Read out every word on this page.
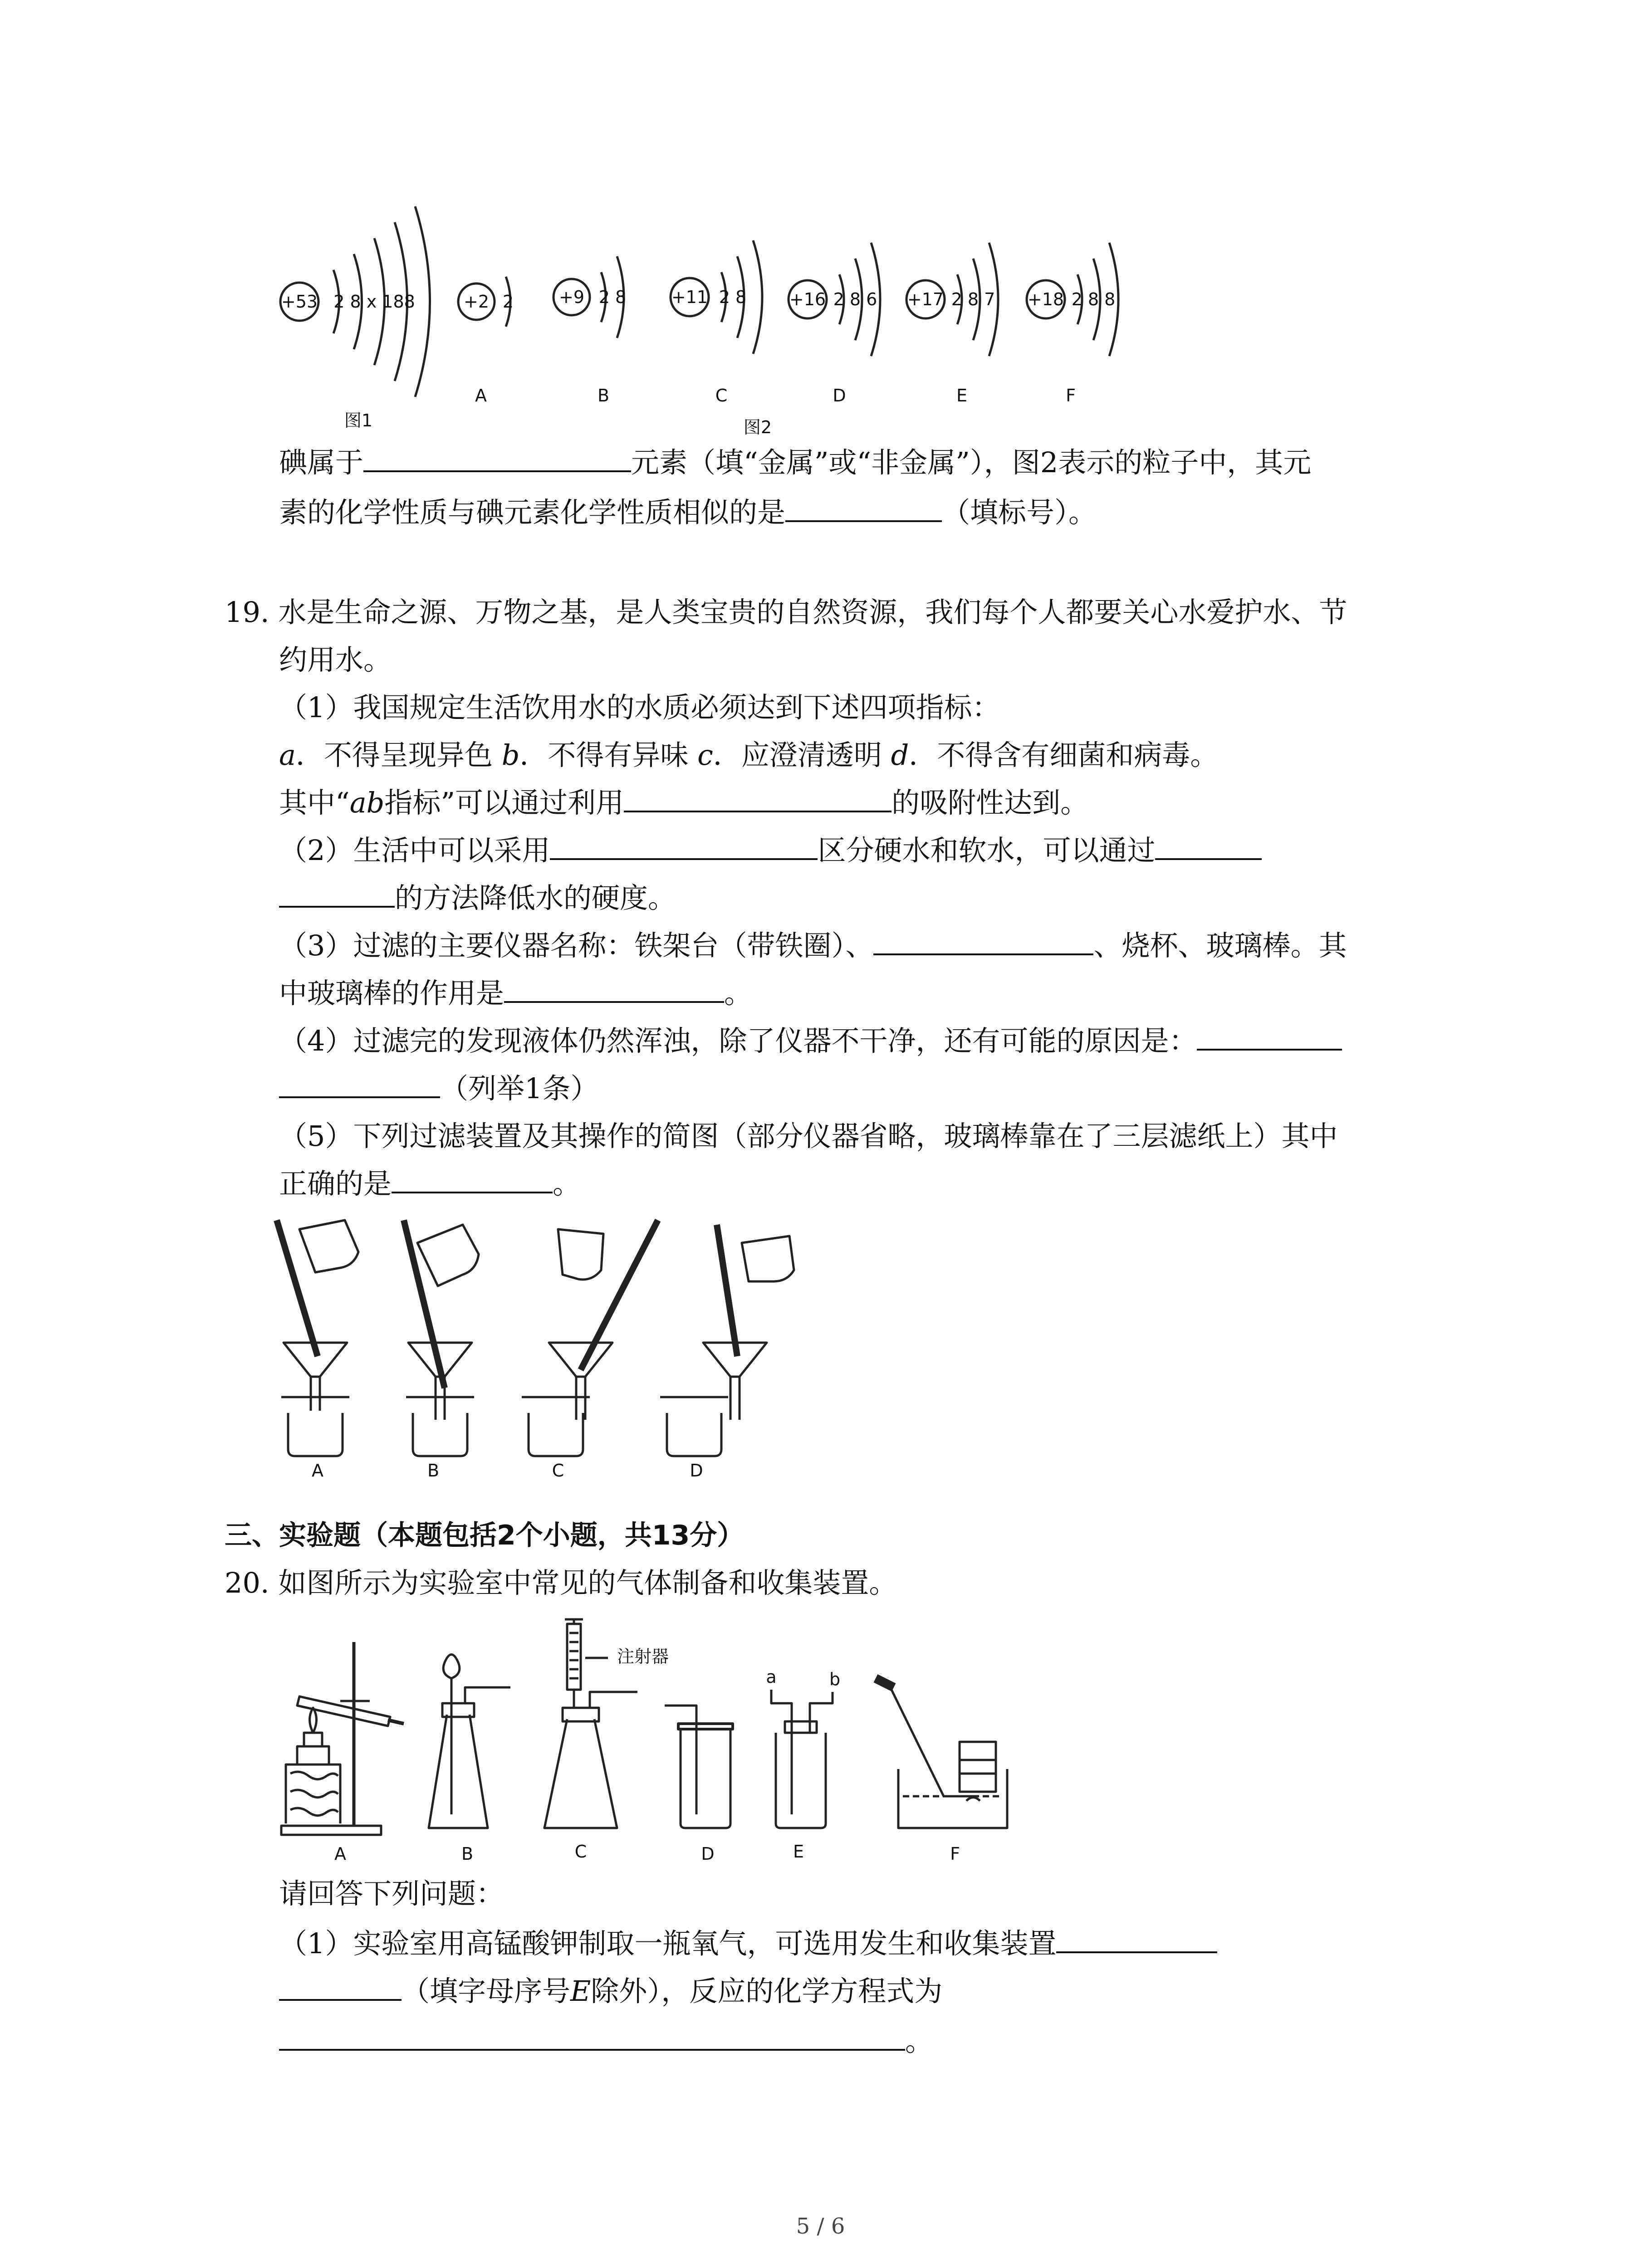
+53 2 8 x 188	+2 2	+9 2 8	+11 2 8 +16 2 8 6 +17 2 8 7 +18 2 8 8
A	B	C	D	E	F
图1	图2
碘属于	元素（填“金属”或“非金属”），图2表示的粒子中，其元
素的化学性质与碘元素化学性质相似的是	（填标号）。
19. 水是生命之源、万物之基，是人类宝贵的自然资源，我们每个人都要关心水爱护水、节
约用水。
（1）我国规定生活饮用水的水质必须达到下述四项指标：
a．不得呈现异色 b．不得有异味 c．应澄清透明 d．不得含有细菌和病毒。
其中“ab指标”可以通过利用	的吸附性达到。
（2）生活中可以采用	区分硬水和软水，可以通过
的方法降低水的硬度。
（3）过滤的主要仪器名称：铁架台（带铁圈）、	、烧杯、玻璃棒。其
中玻璃棒的作用是	。
（4）过滤完的发现液体仍然浑浊，除了仪器不干净，还有可能的原因是：
（列举1条）
（5）下列过滤装置及其操作的简图（部分仪器省略，玻璃棒靠在了三层滤纸上）其中
正确的是	。
A	B	C	D
三、实验题（本题包括2个小题，共13分）
20. 如图所示为实验室中常见的气体制备和收集装置。
注射器
a	b
A	B	C	D	E	F
请回答下列问题：
（1）实验室用高锰酸钾制取一瓶氧气，可选用发生和收集装置
（填字母序号E除外），反应的化学方程式为
。
5 / 6
